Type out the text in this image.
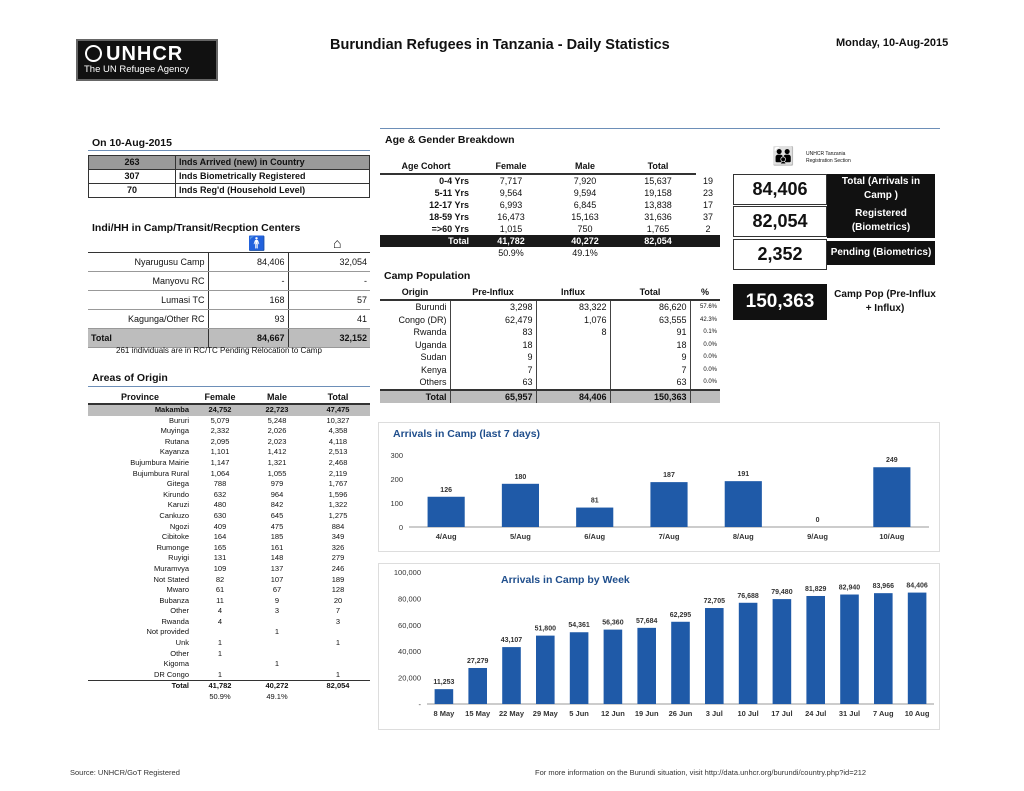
UNHCR
The UN Refugee Agency
Burundian Refugees in Tanzania - Daily Statistics	Monday, 10-Aug-2015
On 10-Aug-2015
263	Inds Arrived (new) in Country
307	Inds Biometrically Registered
70	Inds Reg'd (Household Level)
Indi/HH in Camp/Transit/Recption Centers
🚹	⌂
Nyarugusu Camp	84,406	32,054
Manyovu RC	-	-
Lumasi TC	168	57
Kagunga/Other RC	93	41
Total	84,667	32,152
261 individuals are in RC/TC Pending Relocation to Camp
Areas of Origin
Province	Female	Male	Total
Makamba	24,752	22,723	47,475
Bururi	5,079	5,248	10,327
Muyinga	2,332	2,026	4,358
Rutana	2,095	2,023	4,118
Kayanza	1,101	1,412	2,513
Bujumbura Mairie	1,147	1,321	2,468
Bujumbura Rural	1,064	1,055	2,119
Gitega	788	979	1,767
Kirundo	632	964	1,596
Karuzi	480	842	1,322
Cankuzo	630	645	1,275
Ngozi	409	475	884
Cibitoke	164	185	349
Rumonge	165	161	326
Ruyigi	131	148	279
Muramvya	109	137	246
Not Stated	82	107	189
Mwaro	61	67	128
Bubanza	11	9	20
Other	4	3	7
Rwanda	4		3
Not provided		1	
Unk	1		1
Other	1		
Kigoma		1	
DR Congo	1		1
Total	41,782	40,272	82,054
	50.9%	49.1%	
Age & Gender Breakdown
Age Cohort	Female	Male	Total	
0-4 Yrs	7,717	7,920	15,637	19
5-11 Yrs	9,564	9,594	19,158	23
12-17 Yrs	6,993	6,845	13,838	17
18-59 Yrs	16,473	15,163	31,636	37
=>60 Yrs	1,015	750	1,765	2
Total	41,782	40,272	82,054	
	50.9%	49.1%		
Camp Population
Origin	Pre-Influx	Influx	Total	%
Burundi	3,298	83,322	86,620	57.6%
Congo (DR)	62,479	1,076	63,555	42.3%
Rwanda	83	8	91	0.1%
Uganda	18		18	0.0%
Sudan	9		9	0.0%
Kenya	7		7	0.0%
Others	63		63	0.0%
Total	65,957	84,406	150,363	
👪 UNHCR Tanzania Registration Section
84,406	Total (Arrivals in Camp )
82,054	Registered (Biometrics)
2,352	Pending (Biometrics)
150,363	Camp Pop (Pre-Influx + Influx)
Arrivals in Camp (last 7 days)
0
100
200
300
126
4/Aug
180
5/Aug
81
6/Aug
187
7/Aug
191
8/Aug
0
9/Aug
249
10/Aug
Arrivals in Camp by Week
-
20,000
40,000
60,000
80,000
100,000
11,253
8 May
27,279
15 May
43,107
22 May
51,800
29 May
54,361
5 Jun
56,360
12 Jun
57,684
19 Jun
62,295
26 Jun
72,705
3 Jul
76,688
10 Jul
79,480
17 Jul
81,829
24 Jul
82,940
31 Jul
83,966
7 Aug
84,406
10 Aug
Source: UNHCR/GoT Registered	For more information on the Burundi situation, visit http://data.unhcr.org/burundi/country.php?id=212
